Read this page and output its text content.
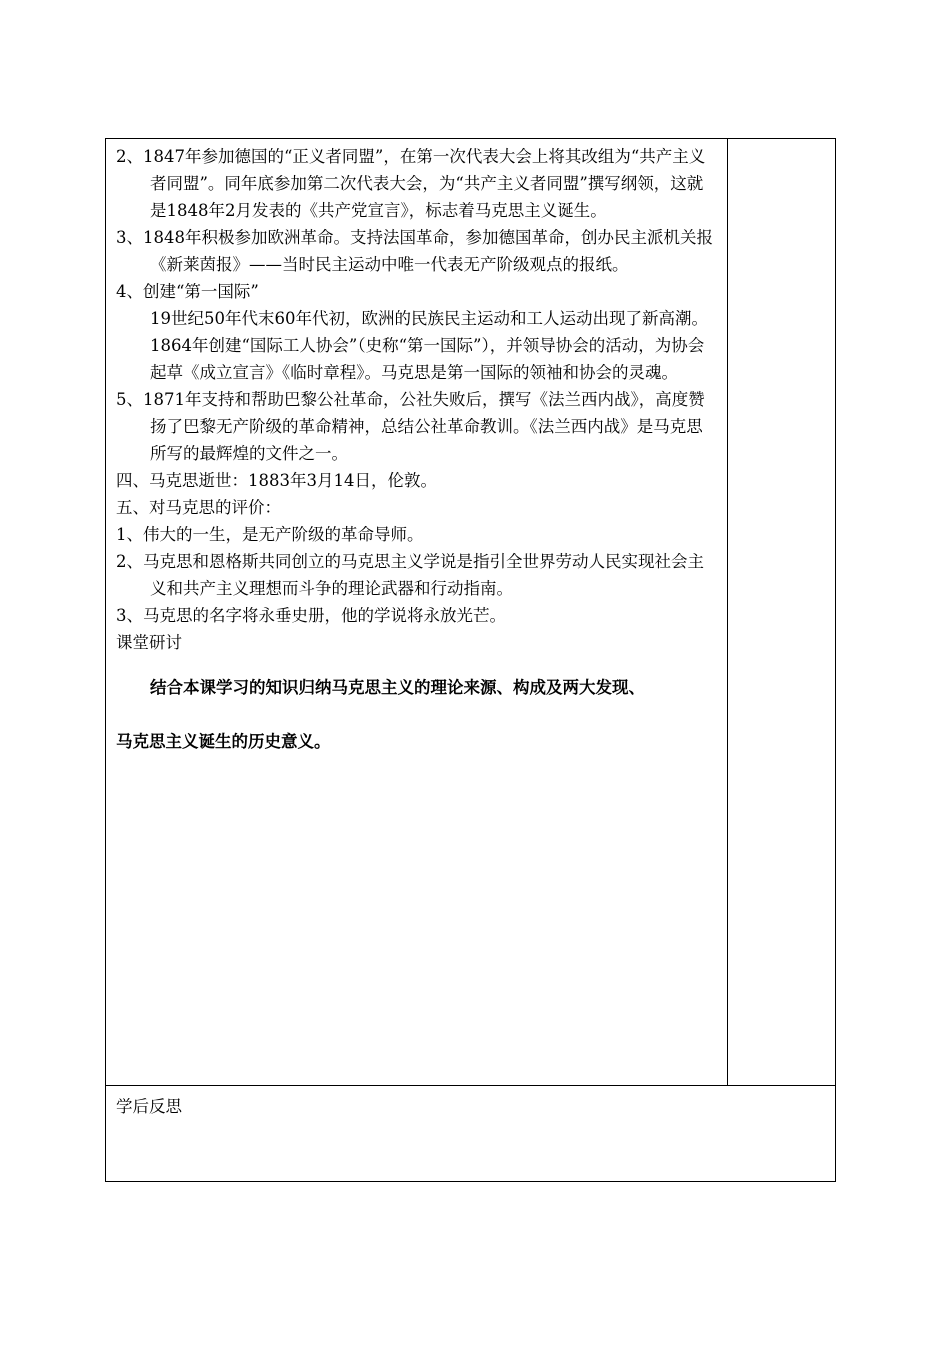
2、1847年参加德国的“正义者同盟”，在第一次代表大会上将其改组为“共产主义者同盟”。同年底参加第二次代表大会，为“共产主义者同盟”撰写纲领，这就是1848年2月发表的《共产党宣言》，标志着马克思主义诞生。

3、1848年积极参加欧洲革命。支持法国革命，参加德国革命，创办民主派机关报《新莱茵报》——当时民主运动中唯一代表无产阶级观点的报纸。

4、创建“第一国际”

19世纪50年代末60年代初，欧洲的民族民主运动和工人运动出现了新高潮。1864年创建“国际工人协会”（史称“第一国际”），并领导协会的活动，为协会起草《成立宣言》《临时章程》。马克思是第一国际的领袖和协会的灵魂。

5、1871年支持和帮助巴黎公社革命，公社失败后，撰写《法兰西内战》，高度赞扬了巴黎无产阶级的革命精神，总结公社革命教训。《法兰西内战》是马克思所写的最辉煌的文件之一。

四、马克思逝世：1883年3月14日，伦敦。

五、对马克思的评价：

1、伟大的一生，是无产阶级的革命导师。

2、马克思和恩格斯共同创立的马克思主义学说是指引全世界劳动人民实现社会主义和共产主义理想而斗争的理论武器和行动指南。

3、马克思的名字将永垂史册，他的学说将永放光芒。

课堂研讨

结合本课学习的知识归纳马克思主义的理论来源、构成及两大发现、
马克思主义诞生的历史意义。

学后反思
